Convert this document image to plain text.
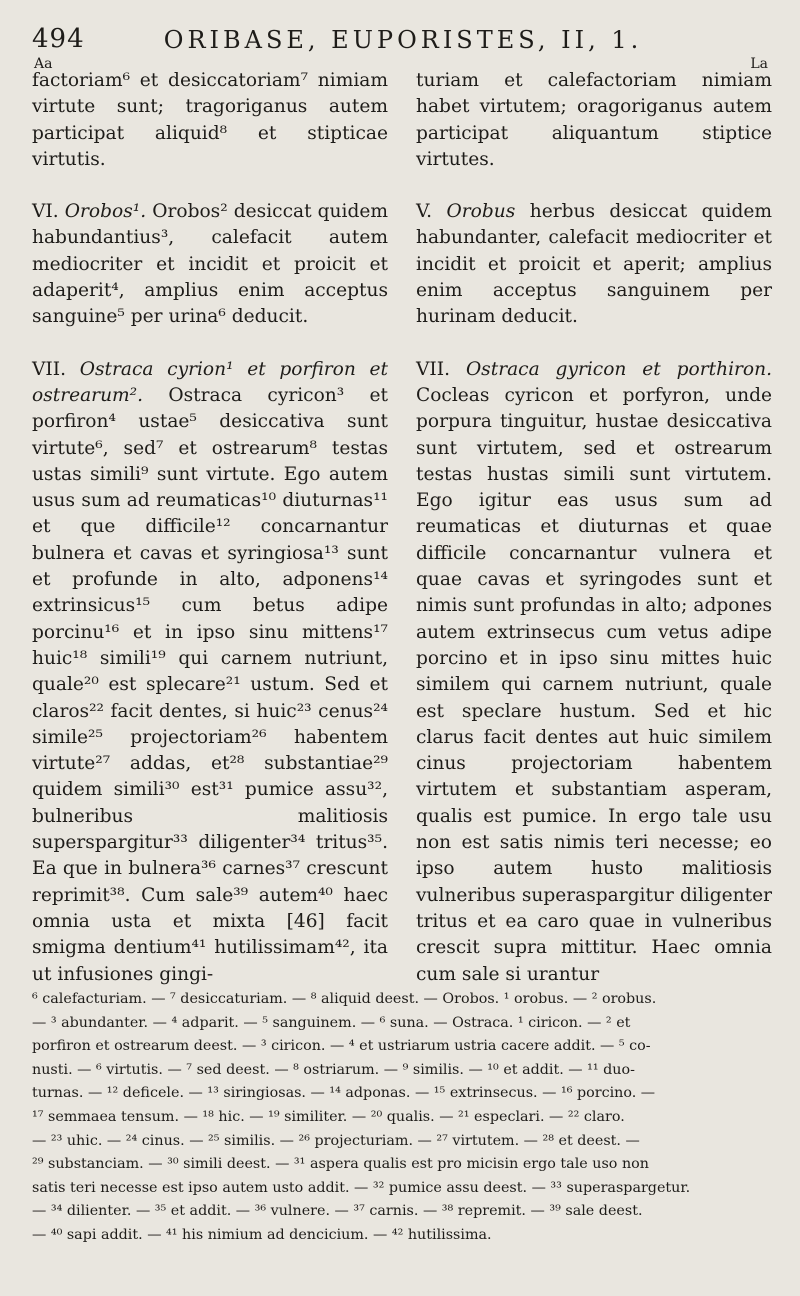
494	ORIBASE, EUPORISTES, II, 1.
Aa	La

factoriam⁶ et desiccatoriam⁷ nimiam virtute sunt; tragoriganus autem participat aliquid⁸ et stipticae virtutis.

VI. Orobos¹. Orobos² desiccat quidem habundantius³, calefacit autem mediocriter et incidit et proicit et adaperit⁴, amplius enim acceptus sanguine⁵ per urina⁶ deducit.

VII. Ostraca cyrion¹ et porfiron et ostrearum². Ostraca cyricon³ et porfiron⁴ ustae⁵ desiccativa sunt virtute⁶, sed⁷ et ostrearum⁸ testas ustas simili⁹ sunt virtute. Ego autem usus sum ad reumaticas¹⁰ diuturnas¹¹ et que difficile¹² concarnantur bulnera et cavas et syringiosa¹³ sunt et profunde in alto, adponens¹⁴ extrinsicus¹⁵ cum betus adipe porcinu¹⁶ et in ipso sinu mittens¹⁷ huic¹⁸ simili¹⁹ qui carnem nutriunt, quale²⁰ est splecare²¹ ustum. Sed et claros²² facit dentes, si huic²³ cenus²⁴ simile²⁵ projectoriam²⁶ habentem virtute²⁷ addas, et²⁸ substantiae²⁹ quidem simili³⁰ est³¹ pumice assu³², bulneribus malitiosis superspargitur³³ diligenter³⁴ tritus³⁵. Ea que in bulnera³⁶ carnes³⁷ crescunt reprimit³⁸. Cum sale³⁹ autem⁴⁰ haec omnia usta et mixta [46] facit smigma dentium⁴¹ hutilissimam⁴², ita ut infusiones gingi-

turiam et calefactoriam nimiam habet virtutem; oragoriganus autem participat aliquantum stiptice virtutes.

V. Orobus herbus desiccat quidem habundanter, calefacit mediocriter et incidit et proicit et aperit; amplius enim acceptus sanguinem per hurinam deducit.

VII. Ostraca gyricon et porthiron. Cocleas cyricon et porfyron, unde porpura tinguitur, hustae desiccativa sunt virtutem, sed et ostrearum testas hustas simili sunt virtutem. Ego igitur eas usus sum ad reumaticas et diuturnas et quae difficile concarnantur vulnera et quae cavas et syringodes sunt et nimis sunt profundas in alto; adpones autem extrinsecus cum vetus adipe porcino et in ipso sinu mittes huic similem qui carnem nutriunt, quale est speclare hustum. Sed et hic clarus facit dentes aut huic similem cinus projectoriam habentem virtutem et substantiam asperam, qualis est pumice. In ergo tale usu non est satis nimis teri necesse; eo ipso autem husto malitiosis vulneribus superaspargitur diligenter tritus et ea caro quae in vulneribus crescit supra mittitur. Haec omnia cum sale si urantur

⁶ calefacturiam. — ⁷ desiccaturiam. — ⁸ aliquid deest. — Orobos. ¹ orobus. — ² orobus.
— ³ abundanter. — ⁴ adparit. — ⁵ sanguinem. — ⁶ suna. — Ostraca. ¹ ciricon. — ² et
porfiron et ostrearum deest. — ³ ciricon. — ⁴ et ustriarum ustria cacere addit. — ⁵ co-
nusti. — ⁶ virtutis. — ⁷ sed deest. — ⁸ ostriarum. — ⁹ similis. — ¹⁰ et addit. — ¹¹ duo-
turnas. — ¹² deficele. — ¹³ siringiosas. — ¹⁴ adponas. — ¹⁵ extrinsecus. — ¹⁶ porcino. —
¹⁷ semmaea tensum. — ¹⁸ hic. — ¹⁹ similiter. — ²⁰ qualis. — ²¹ especlari. — ²² claro.
— ²³ uhic. — ²⁴ cinus. — ²⁵ similis. — ²⁶ projecturiam. — ²⁷ virtutem. — ²⁸ et deest. —
²⁹ substanciam. — ³⁰ simili deest. — ³¹ aspera qualis est pro micisin ergo tale uso non
satis teri necesse est ipso autem usto addit. — ³² pumice assu deest. — ³³ superaspargetur.
— ³⁴ dilienter. — ³⁵ et addit. — ³⁶ vulnere. — ³⁷ carnis. — ³⁸ repremit. — ³⁹ sale deest.
— ⁴⁰ sapi addit. — ⁴¹ his nimium ad dencicium. — ⁴² hutilissima.
